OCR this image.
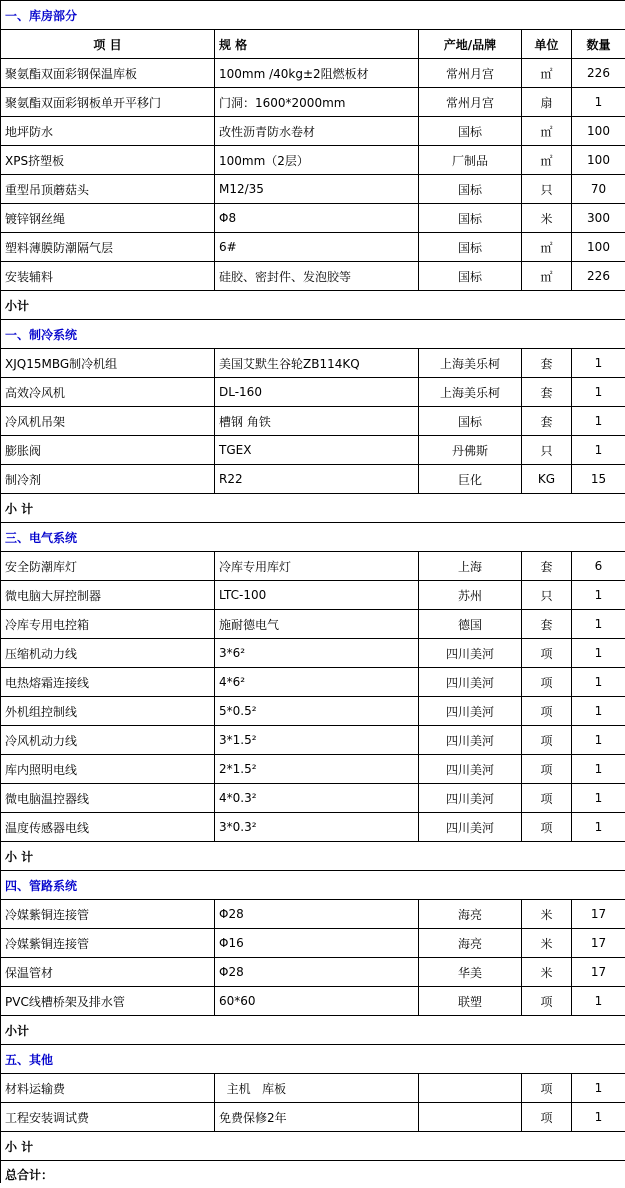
一、库房部分				
项 目	规 格	产地/品牌	单位	数量
聚氨酯双面彩钢保温库板	100mm /40kg±2阻燃板材	常州月宫	㎡	226
聚氨酯双面彩钢板单开平移门	门洞：1600*2000mm	常州月宫	扇	1
地坪防水	改性沥青防水卷材	国标	㎡	100
XPS挤塑板	100mm（2层）	厂制品	㎡	100
重型吊顶蘑菇头	M12/35	国标	只	70
镀锌钢丝绳	Φ8	国标	米	300
塑料薄膜防潮隔气层	6#	国标	㎡	100
安装辅料	硅胶、密封件、发泡胶等	国标	㎡	226
小计				
一、制冷系统				
XJQ15MBG制冷机组	美国艾默生谷轮ZB114KQ	上海美乐柯	套	1
高效冷风机	DL-160	上海美乐柯	套	1
冷风机吊架	槽钢 角铁	国标	套	1
膨胀阀	TGEX	丹佛斯	只	1
制冷剂	R22	巨化	KG	15
小 计				
三、电气系统				
安全防潮库灯	冷库专用库灯	上海	套	6
微电脑大屏控制器	LTC-100	苏州	只	1
冷库专用电控箱	施耐德电气	德国	套	1
压缩机动力线	3*6²	四川美河	项	1
电热熔霜连接线	4*6²	四川美河	项	1
外机组控制线	5*0.5²	四川美河	项	1
冷风机动力线	3*1.5²	四川美河	项	1
库内照明电线	2*1.5²	四川美河	项	1
微电脑温控器线	4*0.3²	四川美河	项	1
温度传感器电线	3*0.3²	四川美河	项	1
小 计				
四、管路系统				
冷媒紫铜连接管	Φ28	海亮	米	17
冷媒紫铜连接管	Φ16	海亮	米	17
保温管材	Φ28	华美	米	17
PVC线槽桥架及排水管	60*60	联塑	项	1
小计				
五、其他				
材料运输费	主机   库板		项	1
工程安装调试费	免费保修2年		项	1
小 计				
总合计：				
